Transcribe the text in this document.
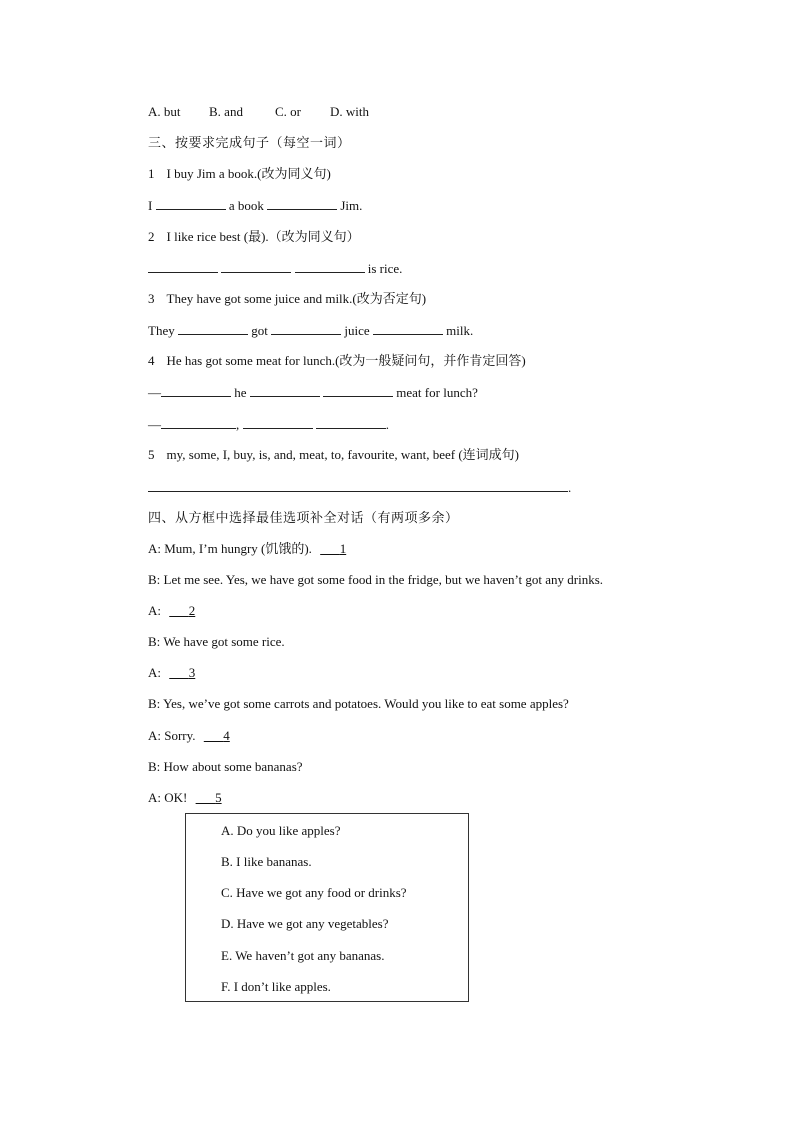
A. but B. and C. or D. with
三、按要求完成句子（每空一词）
1 I buy Jim a book.(改为同义句)
I	a book	Jim.
2 I like rice best (最).（改为同义句）
is rice.
3 They have got some juice and milk.(改为否定句)
They	got	juice	milk.
4 He has got some meat for lunch.(改为一般疑问句，并作肯定回答)
—	he	meat for lunch?
—	,	.
5 my, some, I, buy, is, and, meat, to, favourite, want, beef (连词成句)
.
四、从方框中选择最佳选项补全对话（有两项多余）
A: Mum, I’m hungry (饥饿的). 1
B: Let me see. Yes, we have got some food in the fridge, but we haven’t got any drinks.
A: 2
B: We have got some rice.
A: 3
B: Yes, we’ve got some carrots and potatoes. Would you like to eat some apples?
A: Sorry. 4
B: How about some bananas?
A: OK! 5
A. Do you like apples?
B. I like bananas.
C. Have we got any food or drinks?
D. Have we got any vegetables?
E. We haven’t got any bananas.
F. I don’t like apples.
